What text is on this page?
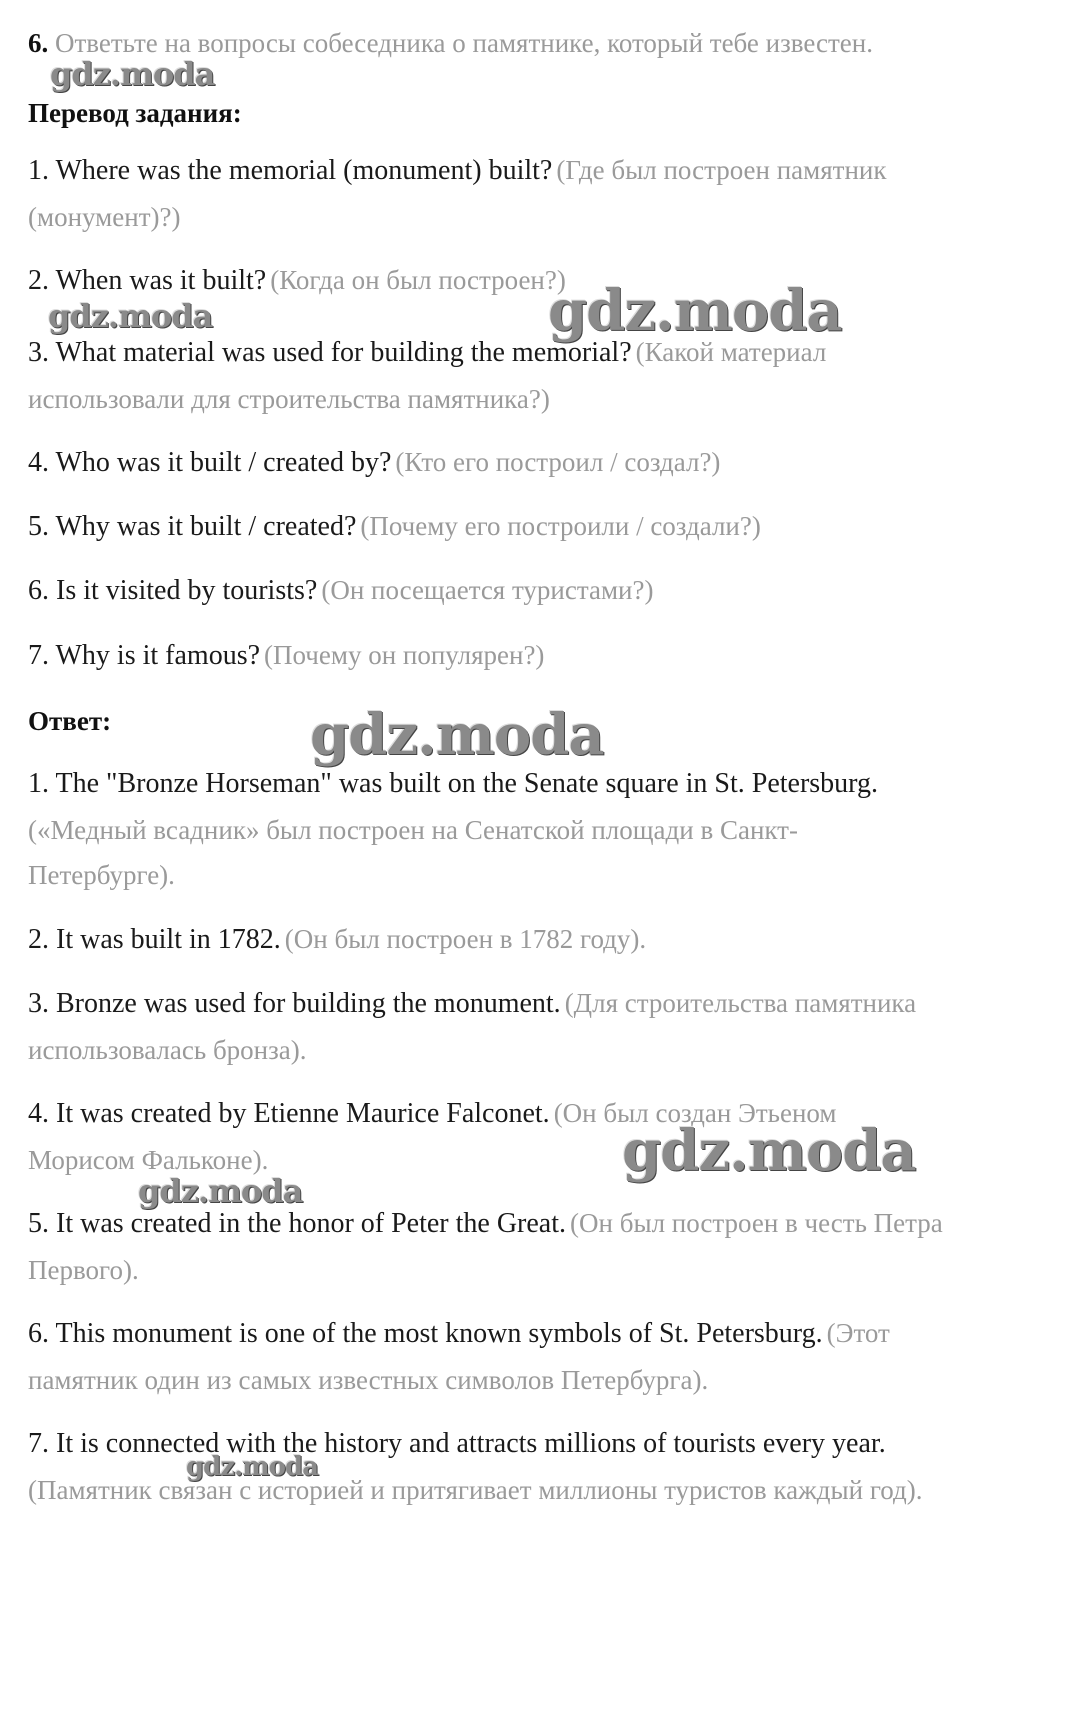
6. Ответьте на вопросы собеседника о памятнике, который тебе известен.
Перевод задания:
1. Where was the memorial (monument) built? (Где был построен памятник
(монумент)?)
2. When was it built? (Когда он был построен?)
3. What material was used for building the memorial? (Какой материал
использовали для строительства памятника?)
4. Who was it built / created by? (Кто его построил / создал?)
5. Why was it built / created? (Почему его построили / создали?)
6. Is it visited by tourists? (Он посещается туристами?)
7. Why is it famous? (Почему он популярен?)
Ответ:
1. The "Bronze Horseman" was built on the Senate square in St. Petersburg.
(«Медный всадник» был построен на Сенатской площади в Санкт-
Петербурге).
2. It was built in 1782. (Он был построен в 1782 году).
3. Bronze was used for building the monument. (Для строительства памятника
использовалась бронза).
4. It was created by Etienne Maurice Falconet. (Он был создан Этьеном
Морисом Фальконе).
5. It was created in the honor of Peter the Great. (Он был построен в честь Петра
Первого).
6. This monument is one of the most known symbols of St. Petersburg. (Этот
памятник один из самых известных символов Петербурга).
7. It is connected with the history and attracts millions of tourists every year.
(Памятник связан с историей и притягивает миллионы туристов каждый год).
gdz.moda
gdz.moda	gdz.moda
gdz.moda
gdz.moda
gdz.moda
gdz.moda
